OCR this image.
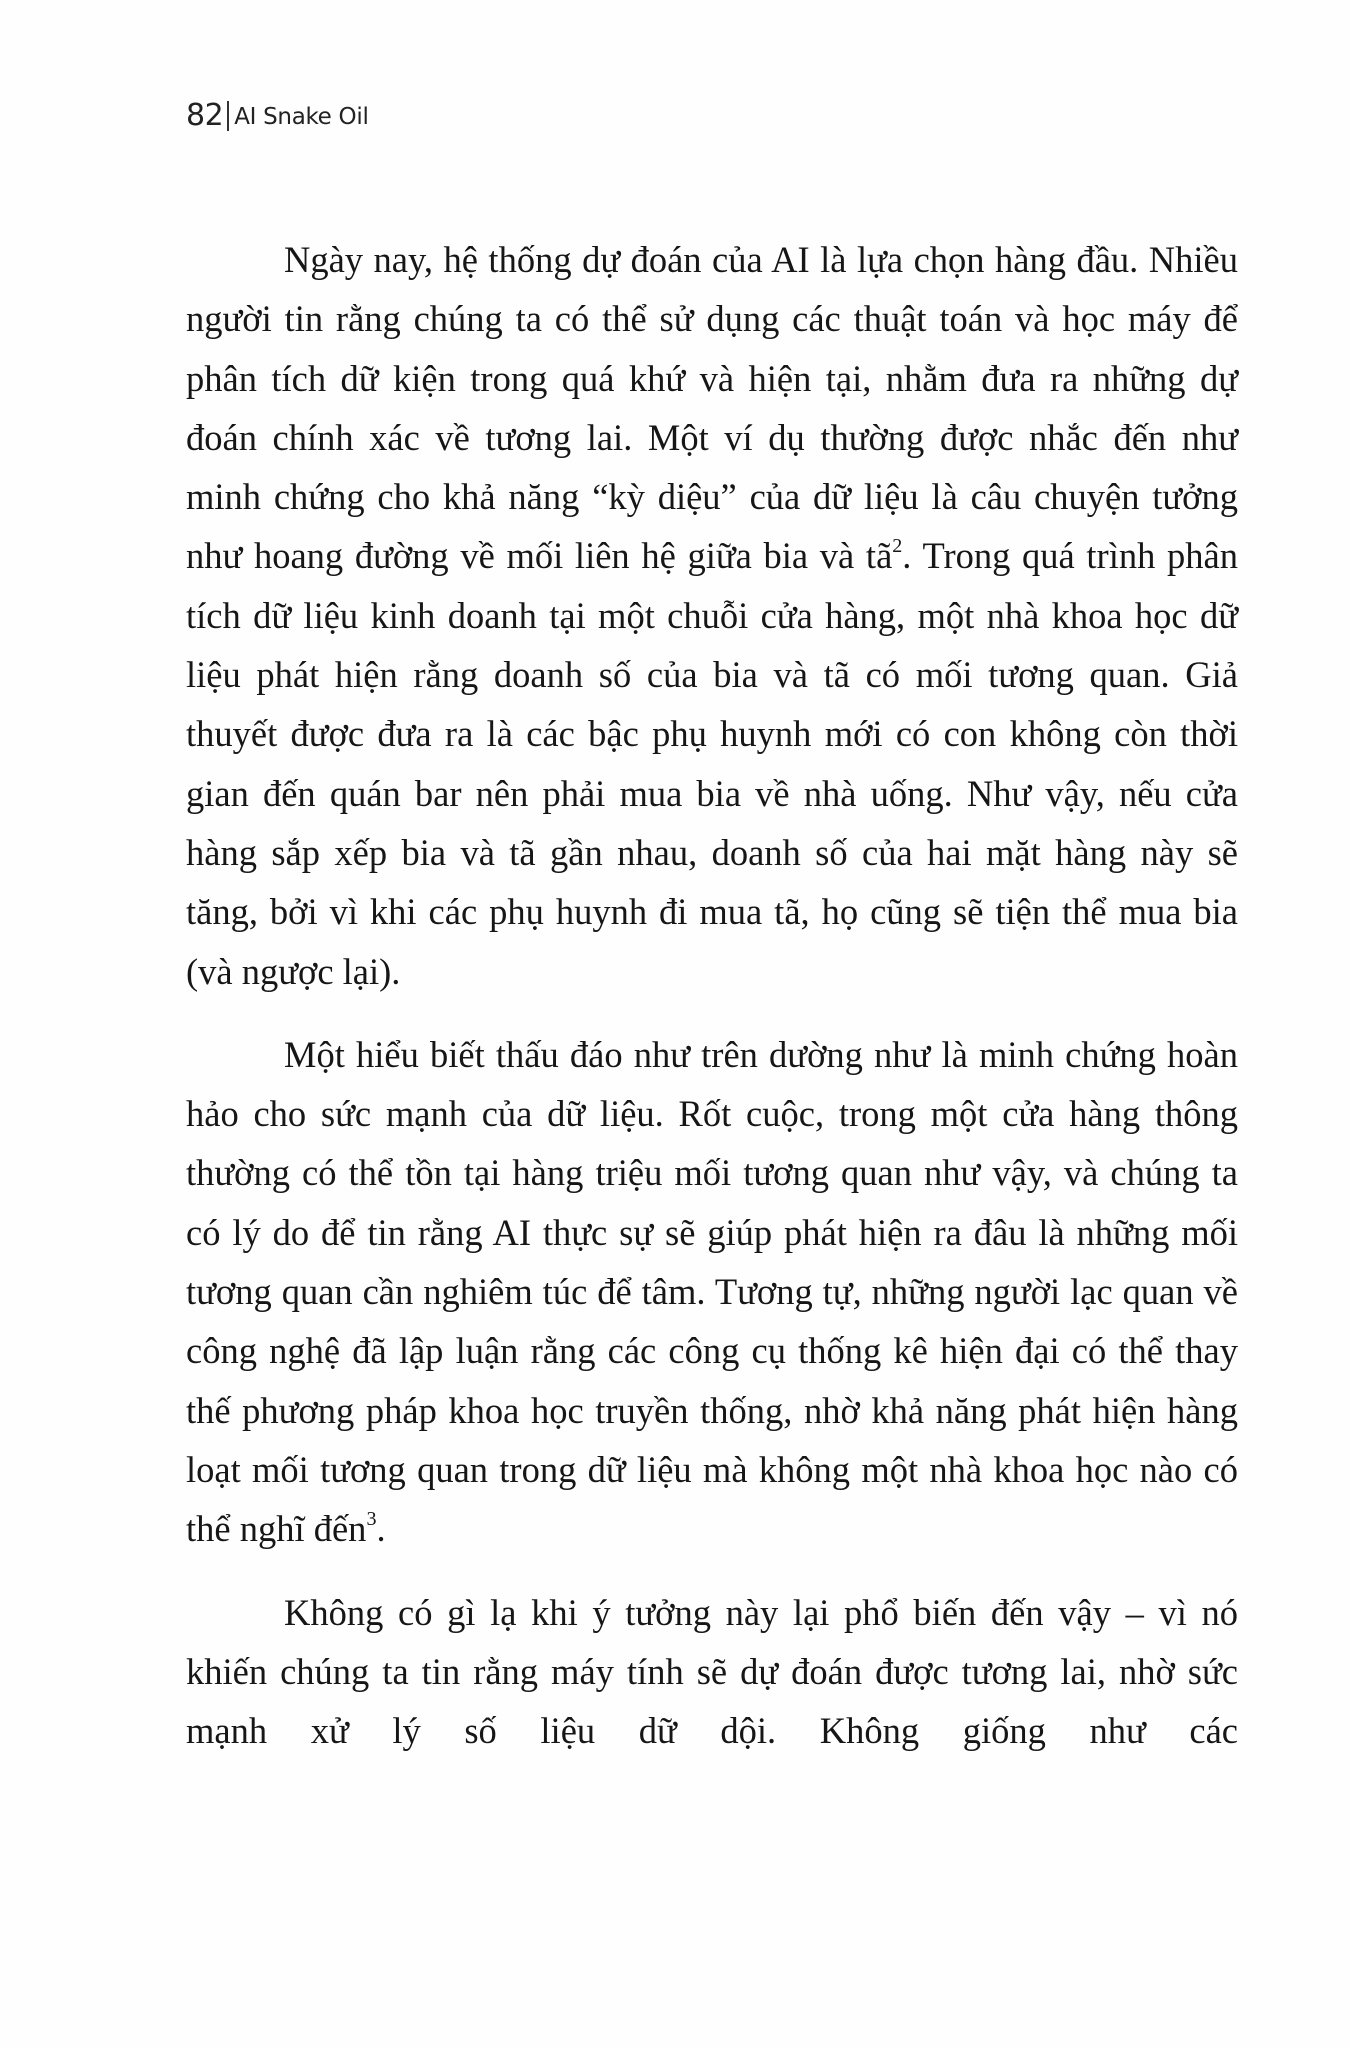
82 AI Snake Oil

Ngày nay, hệ thống dự đoán của AI là lựa chọn hàng đầu. Nhiều người tin rằng chúng ta có thể sử dụng các thuật toán và học máy để phân tích dữ kiện trong quá khứ và hiện tại, nhằm đưa ra những dự đoán chính xác về tương lai. Một ví dụ thường được nhắc đến như minh chứng cho khả năng “kỳ diệu” của dữ liệu là câu chuyện tưởng như hoang đường về mối liên hệ giữa bia và $tã^2$. Trong quá trình phân tích dữ liệu kinh doanh tại một chuỗi cửa hàng, một nhà khoa học dữ liệu phát hiện rằng doanh số của bia và tã có mối tương quan. Giả thuyết được đưa ra là các bậc phụ huynh mới có con không còn thời gian đến quán bar nên phải mua bia về nhà uống. Như vậy, nếu cửa hàng sắp xếp bia và tã gần nhau, doanh số của hai mặt hàng này sẽ tăng, bởi vì khi các phụ huynh đi mua tã, họ cũng sẽ tiện thể mua bia (và ngược lại).

Một hiểu biết thấu đáo như trên dường như là minh chứng hoàn hảo cho sức mạnh của dữ liệu. Rốt cuộc, trong một cửa hàng thông thường có thể tồn tại hàng triệu mối tương quan như vậy, và chúng ta có lý do để tin rằng AI thực sự sẽ giúp phát hiện ra đâu là những mối tương quan cần nghiêm túc để tâm. Tương tự, những người lạc quan về công nghệ đã lập luận rằng các công cụ thống kê hiện đại có thể thay thế phương pháp khoa học truyền thống, nhờ khả năng phát hiện hàng loạt mối tương quan trong dữ liệu mà không một nhà khoa học nào có thể nghĩ đến$^3$.

Không có gì lạ khi ý tưởng này lại phổ biến đến vậy – vì nó khiến chúng ta tin rằng máy tính sẽ dự đoán được tương lai, nhờ sức mạnh xử lý số liệu dữ dội. Không giống như các
